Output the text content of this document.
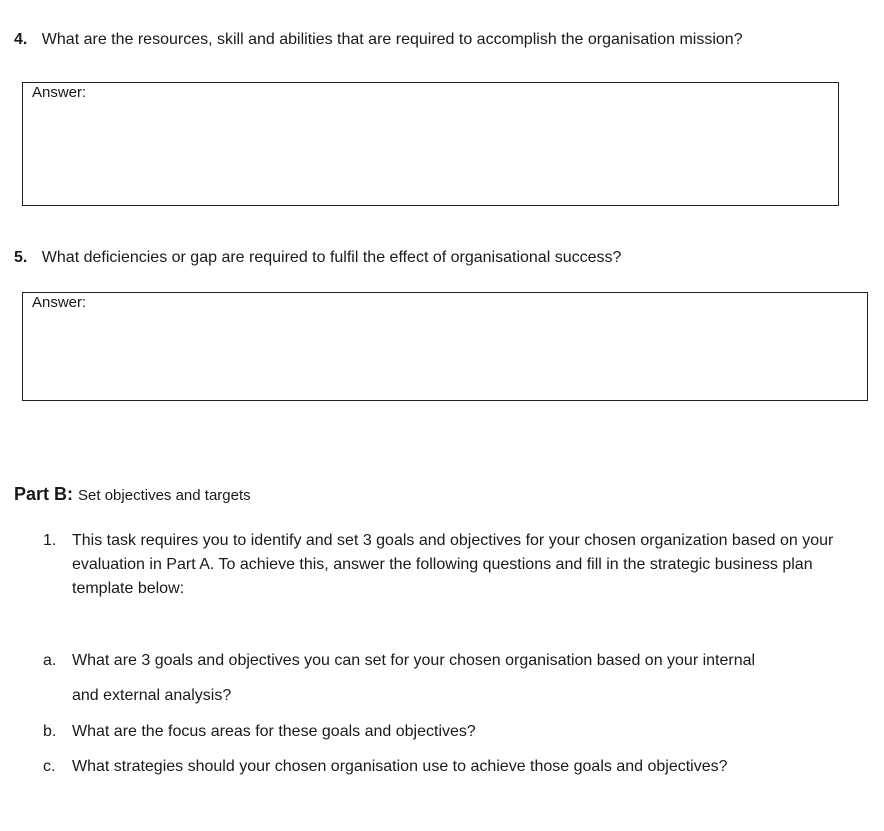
4. What are the resources, skill and abilities that are required to accomplish the organisation mission?
Answer:
5. What deficiencies or gap are required to fulfil the effect of organisational success?
Answer:
Part B: Set objectives and targets
1. This task requires you to identify and set 3 goals and objectives for your chosen organization based on your evaluation in Part A. To achieve this, answer the following questions and fill in the strategic business plan template below:
a. What are 3 goals and objectives you can set for your chosen organisation based on your internal
and external analysis?
b. What are the focus areas for these goals and objectives?
c. What strategies should your chosen organisation use to achieve those goals and objectives?
